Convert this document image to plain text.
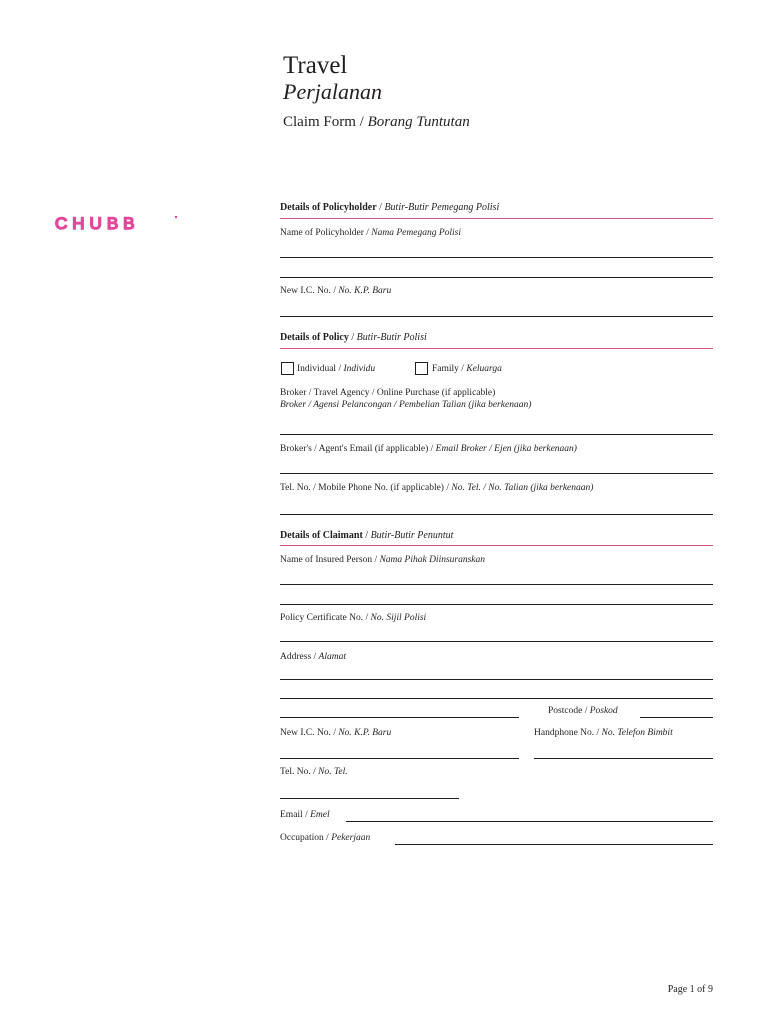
Travel
Perjalanan
Claim Form / Borang Tuntutan
CHUBB
Details of Policyholder / Butir-Butir Pemegang Polisi
Name of Policyholder / Nama Pemegang Polisi
New I.C. No. / No. K.P. Baru
Details of Policy / Butir-Butir Polisi
Individual / Individu	Family / Keluarga
Broker / Travel Agency / Online Purchase (if applicable)
Broker / Agensi Pelancongan / Pembelian Talian (jika berkenaan)
Broker's / Agent's Email (if applicable) / Email Broker / Ejen (jika berkenaan)
Tel. No. / Mobile Phone No. (if applicable) / No. Tel. / No. Talian (jika berkenaan)
Details of Claimant / Butir-Butir Penuntut
Name of Insured Person / Nama Pihak Diinsuranskan
Policy Certificate No. / No. Sijil Polisi
Address / Alamat
Postcode / Poskod
New I.C. No. / No. K.P. Baru	Handphone No. / No. Telefon Bimbit
Tel. No. / No. Tel.
Email / Emel
Occupation / Pekerjaan
Page 1 of 9
